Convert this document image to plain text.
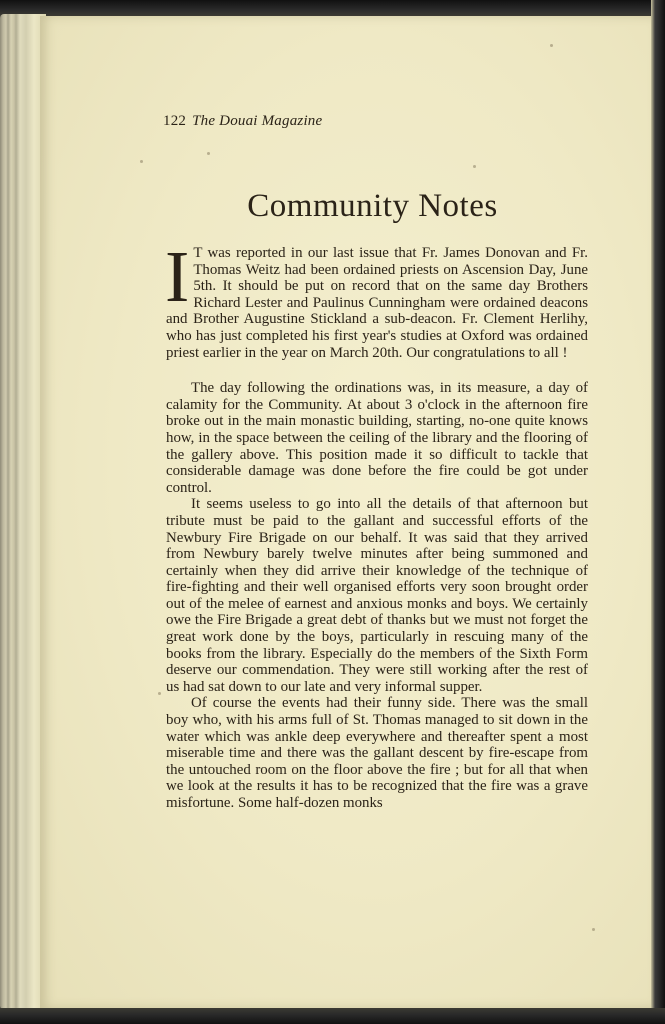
122 The Douai Magazine
Community Notes

I T was reported in our last issue that Fr. James Donovan and Fr. Thomas Weitz had been ordained priests on Ascension Day, June 5th. It should be put on record that on the same day Brothers Richard Lester and Paulinus Cunningham were ordained deacons and Brother Augustine Stickland a sub-deacon. Fr. Clement Herlihy, who has just completed his first year's studies at Oxford was ordained priest earlier in the year on March 20th. Our congratulations to all !

The day following the ordinations was, in its measure, a day of calamity for the Community. At about 3 o'clock in the afternoon fire broke out in the main monastic building, starting, no-one quite knows how, in the space between the ceiling of the library and the flooring of the gallery above. This position made it so difficult to tackle that considerable damage was done before the fire could be got under control.

It seems useless to go into all the details of that afternoon but tribute must be paid to the gallant and successful efforts of the Newbury Fire Brigade on our behalf. It was said that they arrived from Newbury barely twelve minutes after being summoned and certainly when they did arrive their knowledge of the technique of fire-fighting and their well organised efforts very soon brought order out of the melee of earnest and anxious monks and boys. We certainly owe the Fire Brigade a great debt of thanks but we must not forget the great work done by the boys, particularly in rescuing many of the books from the library. Especially do the members of the Sixth Form deserve our commendation. They were still working after the rest of us had sat down to our late and very informal supper.

Of course the events had their funny side. There was the small boy who, with his arms full of St. Thomas managed to sit down in the water which was ankle deep everywhere and thereafter spent a most miserable time and there was the gallant descent by fire-escape from the untouched room on the floor above the fire ; but for all that when we look at the results it has to be recognized that the fire was a grave misfortune. Some half-dozen monks
